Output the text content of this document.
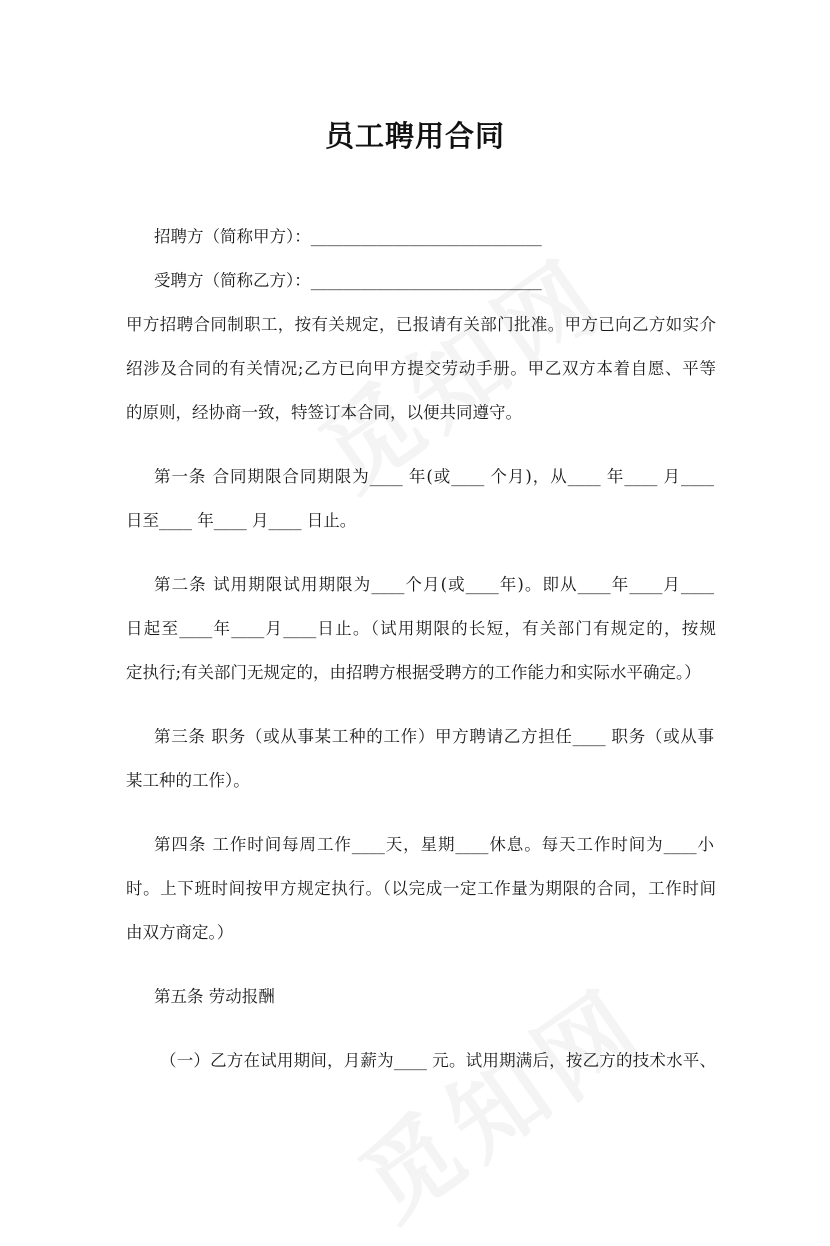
员工聘用合同
招聘方（简称甲方）：____________________________
受聘方（简称乙方）：____________________________
甲方招聘合同制职工，按有关规定，已报请有关部门批准。甲方已向乙方如实介
绍涉及合同的有关情况;乙方已向甲方提交劳动手册。甲乙双方本着自愿、平等
的原则，经协商一致，特签订本合同，以便共同遵守。
第一条 合同期限合同期限为____ 年(或____ 个月)，从____ 年____ 月____
日至____ 年____ 月____ 日止。
第二条 试用期限试用期限为____个月(或____年)。即从____年____月____
日起至____年____月____日止。（试用期限的长短，有关部门有规定的，按规
定执行;有关部门无规定的，由招聘方根据受聘方的工作能力和实际水平确定。）
第三条 职务（或从事某工种的工作）甲方聘请乙方担任____ 职务（或从事
某工种的工作）。
第四条 工作时间每周工作____天，星期____休息。每天工作时间为____小
时。上下班时间按甲方规定执行。（以完成一定工作量为期限的合同，工作时间
由双方商定。）
第五条 劳动报酬
（一）乙方在试用期间，月薪为____ 元。试用期满后，按乙方的技术水平、
